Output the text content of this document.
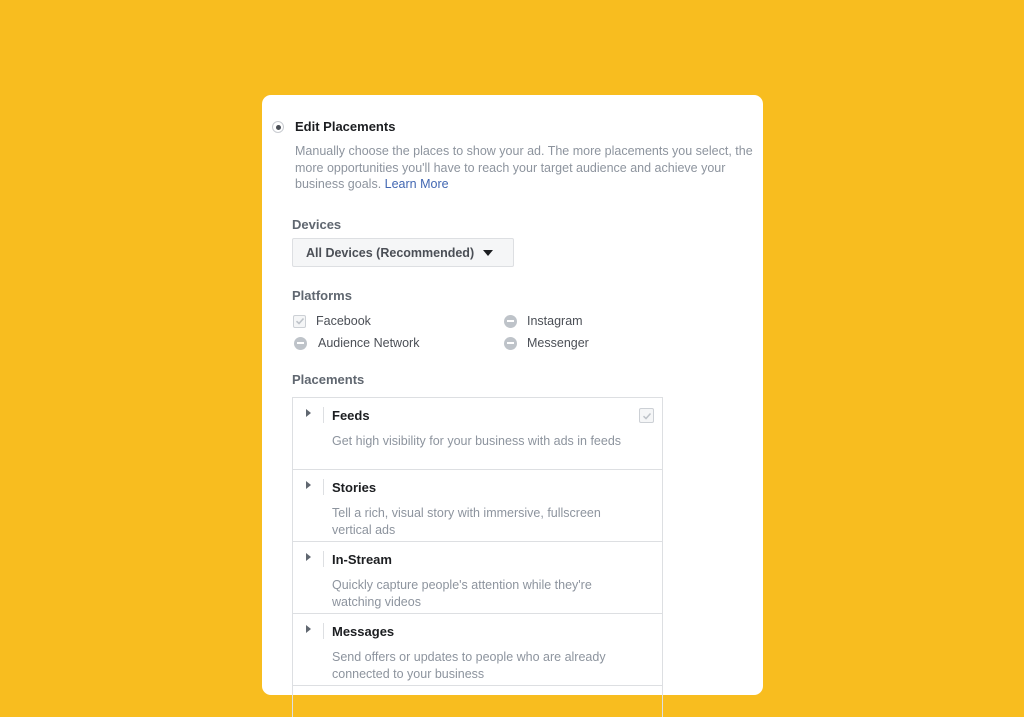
Edit Placements
Manually choose the places to show your ad. The more placements you select, the more opportunities you'll have to reach your target audience and achieve your business goals. Learn More
Devices
All Devices (Recommended)
Platforms
Facebook	Instagram
Audience Network	Messenger
Placements
Feeds
Get high visibility for your business with ads in feeds
Stories
Tell a rich, visual story with immersive, fullscreen vertical ads
In-Stream
Quickly capture people's attention while they're watching videos
Messages
Send offers or updates to people who are already connected to your business
